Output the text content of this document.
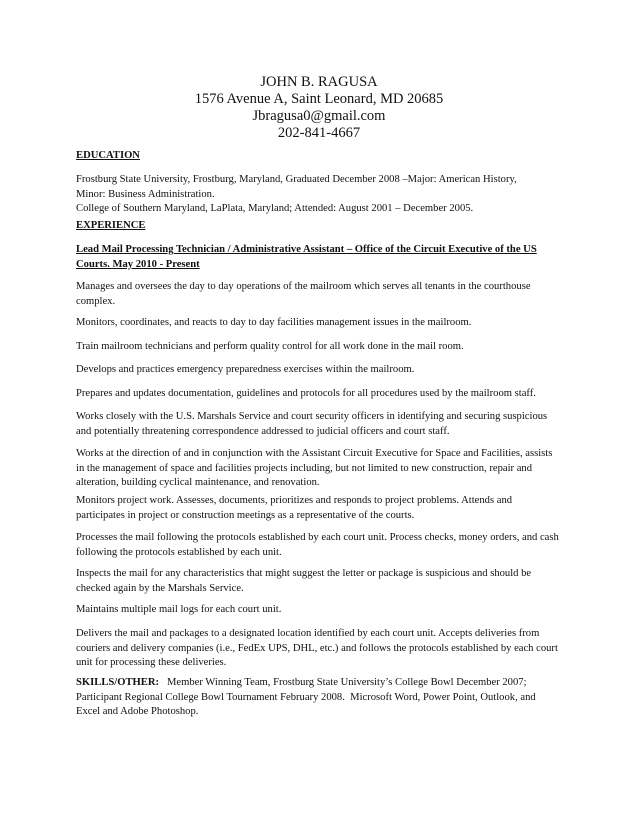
JOHN B. RAGUSA
1576 Avenue A, Saint Leonard, MD 20685
Jbragusa0@gmail.com
202-841-4667
EDUCATION

Frostburg State University, Frostburg, Maryland, Graduated December 2008 –Major: American History,

Minor: Business Administration.

College of Southern Maryland, LaPlata, Maryland; Attended: August 2001 – December 2005.

EXPERIENCE
Lead Mail Processing Technician / Administrative Assistant – Office of the Circuit Executive of the US Courts. May 2010 - Present

Manages and oversees the day to day operations of the mailroom which serves all tenants in the courthouse complex.

Monitors, coordinates, and reacts to day to day facilities management issues in the mailroom.

Train mailroom technicians and perform quality control for all work done in the mail room.

Develops and practices emergency preparedness exercises within the mailroom.

Prepares and updates documentation, guidelines and protocols for all procedures used by the mailroom staff.

Works closely with the U.S. Marshals Service and court security officers in identifying and securing suspicious and potentially threatening correspondence addressed to judicial officers and court staff.

Works at the direction of and in conjunction with the Assistant Circuit Executive for Space and Facilities, assists in the management of space and facilities projects including, but not limited to new construction, repair and alteration, building cyclical maintenance, and renovation.

Monitors project work. Assesses, documents, prioritizes and responds to project problems. Attends and participates in project or construction meetings as a representative of the courts.

Processes the mail following the protocols established by each court unit. Process checks, money orders, and cash following the protocols established by each unit.

Inspects the mail for any characteristics that might suggest the letter or package is suspicious and should be checked again by the Marshals Service.

Maintains multiple mail logs for each court unit.

Delivers the mail and packages to a designated location identified by each court unit. Accepts deliveries from couriers and delivery companies (i.e., FedEx UPS, DHL, etc.) and follows the protocols established by each court unit for processing these deliveries.

SKILLS/OTHER:   Member Winning Team, Frostburg State University’s College Bowl December 2007; Participant Regional College Bowl Tournament February 2008.  Microsoft Word, Power Point, Outlook, and Excel and Adobe Photoshop.
